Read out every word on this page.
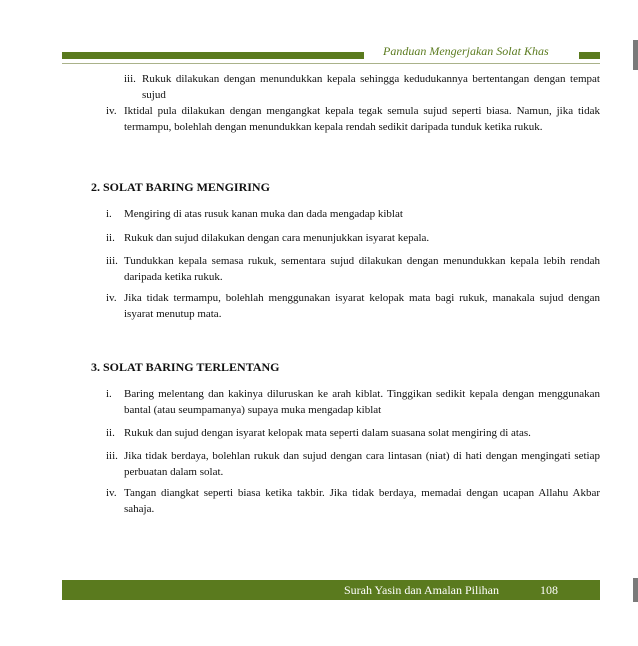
Panduan Mengerjakan Solat Khas
iii. Rukuk dilakukan dengan menundukkan kepala sehingga kedudukannya bertentangan dengan tempat sujud
iv. Iktidal pula dilakukan dengan mengangkat kepala tegak semula sujud seperti biasa. Namun, jika tidak termampu, bolehlah dengan menundukkan kepala rendah sedikit daripada tunduk ketika rukuk.
2. SOLAT BARING MENGIRING
i. Mengiring di atas rusuk kanan muka dan dada mengadap kiblat
ii. Rukuk dan sujud dilakukan dengan cara menunjukkan isyarat kepala.
iii. Tundukkan kepala semasa rukuk, sementara sujud dilakukan dengan menundukkan kepala lebih rendah daripada ketika rukuk.
iv. Jika tidak termampu, bolehlah menggunakan isyarat kelopak mata bagi rukuk, manakala sujud dengan isyarat menutup mata.
3. SOLAT BARING TERLENTANG
i. Baring melentang dan kakinya diluruskan ke arah kiblat. Tinggikan sedikit kepala dengan menggunakan bantal (atau seumpamanya) supaya muka mengadap kiblat
ii. Rukuk dan sujud dengan isyarat kelopak mata seperti dalam suasana solat mengiring di atas.
iii. Jika tidak berdaya, bolehlan rukuk dan sujud dengan cara lintasan (niat) di hati dengan mengingati setiap perbuatan dalam solat.
iv. Tangan diangkat seperti biasa ketika takbir. Jika tidak berdaya, memadai dengan ucapan Allahu Akbar sahaja.
Surah Yasin dan Amalan Pilihan	108
